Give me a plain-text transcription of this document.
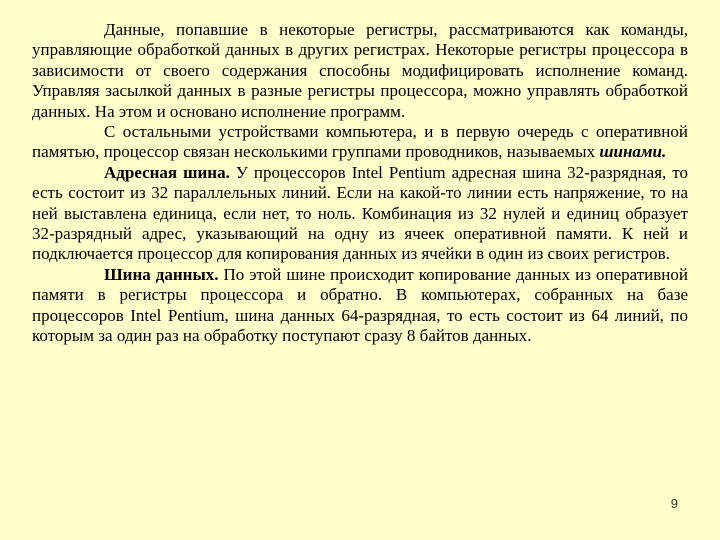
Данные, попавшие в некоторые регистры, рассматриваются как команды, управляющие обработкой данных в других регистрах. Некоторые регистры процессора в зависимости от своего содержания способны модифицировать исполнение команд. Управляя засылкой данных в разные регистры процессора, можно управлять обработкой данных. На этом и основано исполнение программ.

С остальными устройствами компьютера, и в первую очередь с оперативной памятью, процессор связан несколькими группами проводников, называемых шинами.

Адресная шина. У процессоров Intel Pentium адресная шина 32-разрядная, то есть состоит из 32 параллельных линий. Если на какой-то линии есть напряжение, то на ней выставлена единица, если нет, то ноль. Комбинация из 32 нулей и единиц образует 32-разрядный адрес, указывающий на одну из ячеек оперативной памяти. К ней и подключается процессор для копирования данных из ячейки в один из своих регистров.

Шина данных. По этой шине происходит копирование данных из оперативной памяти в регистры процессора и обратно. В компьютерах, собранных на базе процессоров Intel Pentium, шина данных 64-разрядная, то есть состоит из 64 линий, по которым за один раз на обработку поступают сразу 8 байтов данных.

9
